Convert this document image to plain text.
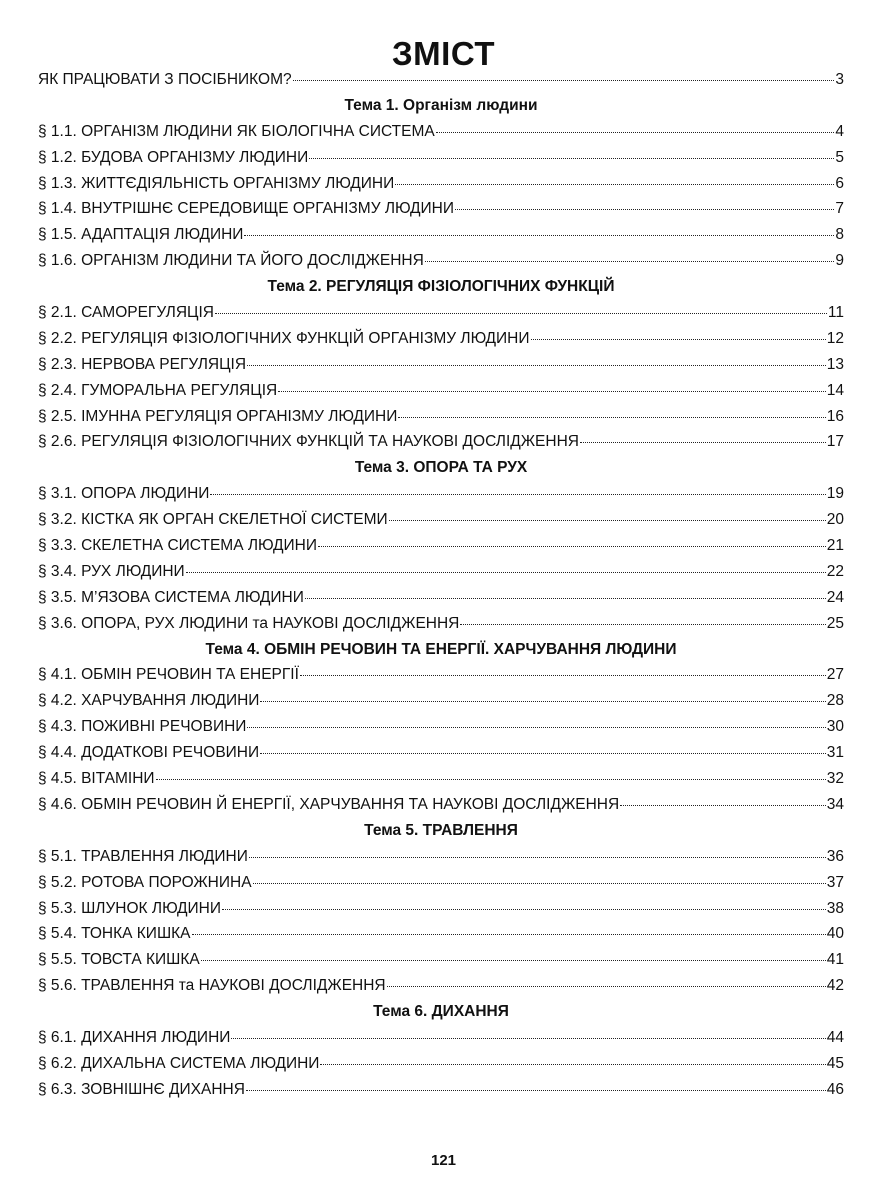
ЗМІСТ
ЯК ПРАЦЮВАТИ З ПОСІБНИКОМ?	3
Тема 1. Організм людини
§ 1.1. ОРГАНІЗМ ЛЮДИНИ ЯК БІОЛОГІЧНА СИСТЕМА	4
§ 1.2. БУДОВА ОРГАНІЗМУ ЛЮДИНИ	5
§ 1.3. ЖИТТЄДІЯЛЬНІСТЬ ОРГАНІЗМУ ЛЮДИНИ	6
§ 1.4. ВНУТРІШНЄ СЕРЕДОВИЩЕ ОРГАНІЗМУ ЛЮДИНИ	7
§ 1.5. АДАПТАЦІЯ ЛЮДИНИ	8
§ 1.6. ОРГАНІЗМ ЛЮДИНИ ТА ЙОГО ДОСЛІДЖЕННЯ	9
Тема 2. РЕГУЛЯЦІЯ ФІЗІОЛОГІЧНИХ ФУНКЦІЙ
§ 2.1. САМОРЕГУЛЯЦІЯ	11
§ 2.2. РЕГУЛЯЦІЯ ФІЗІОЛОГІЧНИХ ФУНКЦІЙ ОРГАНІЗМУ ЛЮДИНИ	12
§ 2.3. НЕРВОВА РЕГУЛЯЦІЯ	13
§ 2.4. ГУМОРАЛЬНА РЕГУЛЯЦІЯ	14
§ 2.5. ІМУННА РЕГУЛЯЦІЯ ОРГАНІЗМУ ЛЮДИНИ	16
§ 2.6. РЕГУЛЯЦІЯ ФІЗІОЛОГІЧНИХ ФУНКЦІЙ ТА НАУКОВІ ДОСЛІДЖЕННЯ	17
Тема 3. ОПОРА ТА РУХ
§ 3.1. ОПОРА ЛЮДИНИ	19
§ 3.2. КІСТКА ЯК ОРГАН СКЕЛЕТНОЇ СИСТЕМИ	20
§ 3.3. СКЕЛЕТНА СИСТЕМА ЛЮДИНИ	21
§ 3.4. РУХ ЛЮДИНИ	22
§ 3.5. М’ЯЗОВА СИСТЕМА ЛЮДИНИ	24
§ 3.6. ОПОРА, РУХ ЛЮДИНИ та НАУКОВІ ДОСЛІДЖЕННЯ	25
Тема 4. ОБМІН РЕЧОВИН ТА ЕНЕРГІЇ. ХАРЧУВАННЯ ЛЮДИНИ
§ 4.1. ОБМІН РЕЧОВИН ТА ЕНЕРГІЇ	27
§ 4.2. ХАРЧУВАННЯ ЛЮДИНИ	28
§ 4.3. ПОЖИВНІ РЕЧОВИНИ	30
§ 4.4. ДОДАТКОВІ РЕЧОВИНИ	31
§ 4.5. ВІТАМІНИ	32
§ 4.6. ОБМІН РЕЧОВИН Й ЕНЕРГІЇ, ХАРЧУВАННЯ ТА НАУКОВІ ДОСЛІДЖЕННЯ	34
Тема 5. ТРАВЛЕННЯ
§ 5.1. ТРАВЛЕННЯ ЛЮДИНИ	36
§ 5.2. РОТОВА ПОРОЖНИНА	37
§ 5.3. ШЛУНОК ЛЮДИНИ	38
§ 5.4. ТОНКА КИШКА	40
§ 5.5. ТОВСТА КИШКА	41
§ 5.6. ТРАВЛЕННЯ та НАУКОВІ ДОСЛІДЖЕННЯ	42
Тема 6. ДИХАННЯ
§ 6.1. ДИХАННЯ ЛЮДИНИ	44
§ 6.2. ДИХАЛЬНА СИСТЕМА ЛЮДИНИ	45
§ 6.3. ЗОВНІШНЄ ДИХАННЯ	46
121
